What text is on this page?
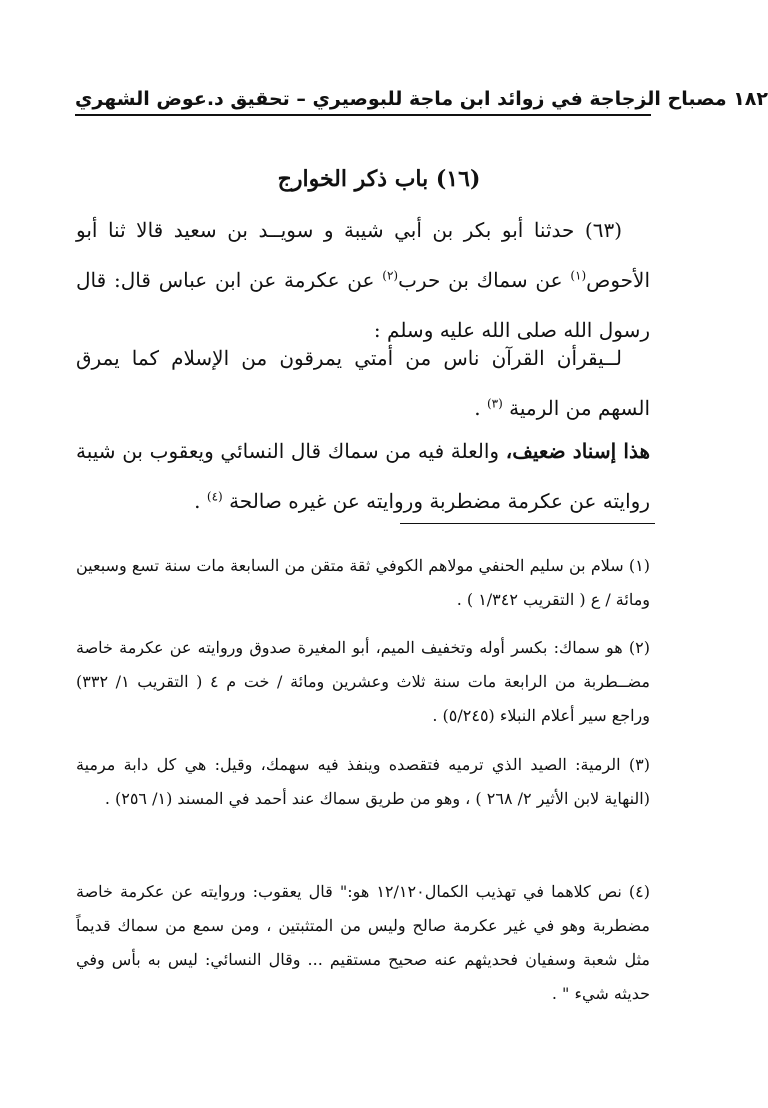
١٨٢ مصباح الزجاجة في زوائد ابن ماجة للبوصيري – تحقيق د.عوض الشهري
(١٦) باب ذكر الخوارج
(٦٣) حدثنا أبو بكر بن أبي شيبة و سويــد بن سعيد قالا ثنا أبو الأحوص$^{(١)}$ عن سماك بن حرب$^{(٢)}$ عن عكرمة عن ابن عباس قال: قال رسول الله صلى الله عليه وسلم :
لــيقرأن القرآن ناس من أمتي يمرقون من الإسلام كما يمرق السهم من الرمية $^{(٣)}$ .
هذا إسناد ضعيف، والعلة فيه من سماك قال النسائي ويعقوب بن شيبة روايته عن عكرمة مضطربة وروايته عن غيره صالحة $^{(٤)}$ .
(١) سلام بن سليم الحنفي مولاهم الكوفي ثقة متقن من السابعة مات سنة تسع وسبعين ومائة / ع ( التقريب ١/٣٤٢ ) .
(٢) هو سماك: بكسر أوله وتخفيف الميم، أبو المغيرة صدوق وروايته عن عكرمة خاصة مضــطربة من الرابعة مات سنة ثلاث وعشرين ومائة / خت م ٤ ( التقريب ١/ ٣٣٢) وراجع سير أعلام النبلاء (٥/٢٤٥) .
(٣) الرمية: الصيد الذي ترميه فتقصده وينفذ فيه سهمك، وقيل: هي كل دابة مرمية (النهاية لابن الأثير ٢/ ٢٦٨ ) ، وهو من طريق سماك عند أحمد في المسند (١/ ٢٥٦) .
(٤) نص كلاهما في تهذيب الكمال١٢/١٢٠ هو:" قال يعقوب: وروايته عن عكرمة خاصة مضطربة وهو في غير عكرمة صالح وليس من المتثبتين ، ومن سمع من سماك قديماً مثل شعبة وسفيان فحديثهم عنه صحيح مستقيم ... وقال النسائي: ليس به بأس وفي حديثه شيء " .
